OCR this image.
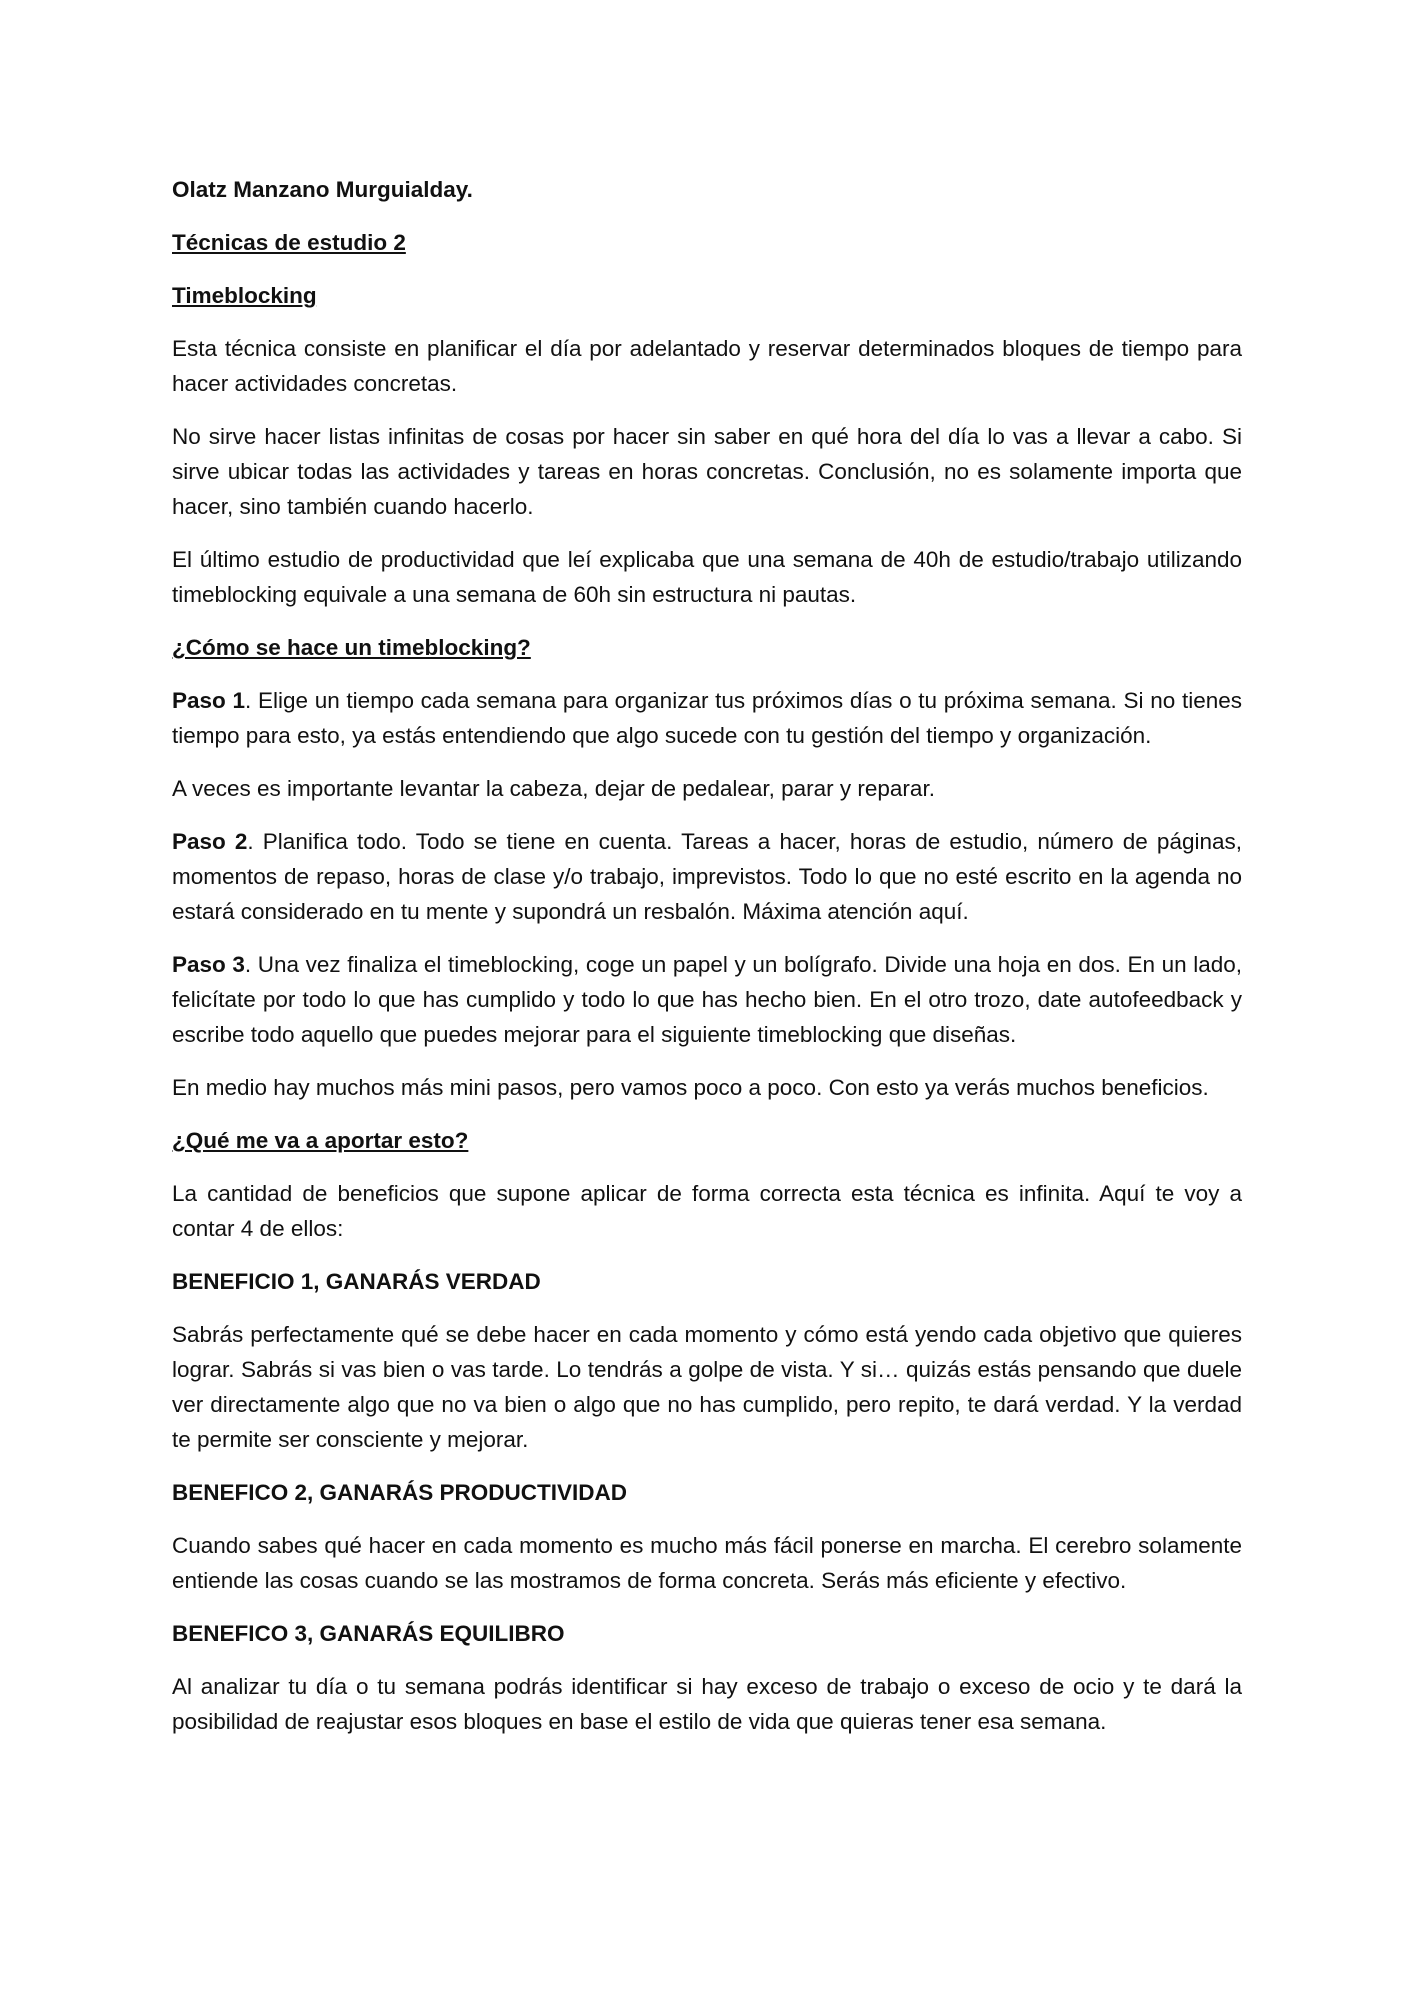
Olatz Manzano Murguialday.

Técnicas de estudio 2

Timeblocking

Esta técnica consiste en planificar el día por adelantado y reservar determinados bloques de tiempo para hacer actividades concretas.

No sirve hacer listas infinitas de cosas por hacer sin saber en qué hora del día lo vas a llevar a cabo. Si sirve ubicar todas las actividades y tareas en horas concretas. Conclusión, no es solamente importa que hacer, sino también cuando hacerlo.

El último estudio de productividad que leí explicaba que una semana de 40h de estudio/trabajo utilizando timeblocking equivale a una semana de 60h sin estructura ni pautas.

¿Cómo se hace un timeblocking?

Paso 1. Elige un tiempo cada semana para organizar tus próximos días o tu próxima semana. Si no tienes tiempo para esto, ya estás entendiendo que algo sucede con tu gestión del tiempo y organización.

A veces es importante levantar la cabeza, dejar de pedalear, parar y reparar.

Paso 2. Planifica todo. Todo se tiene en cuenta. Tareas a hacer, horas de estudio, número de páginas, momentos de repaso, horas de clase y/o trabajo, imprevistos. Todo lo que no esté escrito en la agenda no estará considerado en tu mente y supondrá un resbalón. Máxima atención aquí.

Paso 3. Una vez finaliza el timeblocking, coge un papel y un bolígrafo. Divide una hoja en dos. En un lado, felicítate por todo lo que has cumplido y todo lo que has hecho bien. En el otro trozo, date autofeedback y escribe todo aquello que puedes mejorar para el siguiente timeblocking que diseñas.

En medio hay muchos más mini pasos, pero vamos poco a poco. Con esto ya verás muchos beneficios.

¿Qué me va a aportar esto?

La cantidad de beneficios que supone aplicar de forma correcta esta técnica es infinita. Aquí te voy a contar 4 de ellos:

BENEFICIO 1, GANARÁS VERDAD

Sabrás perfectamente qué se debe hacer en cada momento y cómo está yendo cada objetivo que quieres lograr. Sabrás si vas bien o vas tarde. Lo tendrás a golpe de vista. Y si… quizás estás pensando que duele ver directamente algo que no va bien o algo que no has cumplido, pero repito, te dará verdad. Y la verdad te permite ser consciente y mejorar.

BENEFICO 2, GANARÁS PRODUCTIVIDAD

Cuando sabes qué hacer en cada momento es mucho más fácil ponerse en marcha. El cerebro solamente entiende las cosas cuando se las mostramos de forma concreta. Serás más eficiente y efectivo.

BENEFICO 3, GANARÁS EQUILIBRO

Al analizar tu día o tu semana podrás identificar si hay exceso de trabajo o exceso de ocio y te dará la posibilidad de reajustar esos bloques en base el estilo de vida que quieras tener esa semana.
